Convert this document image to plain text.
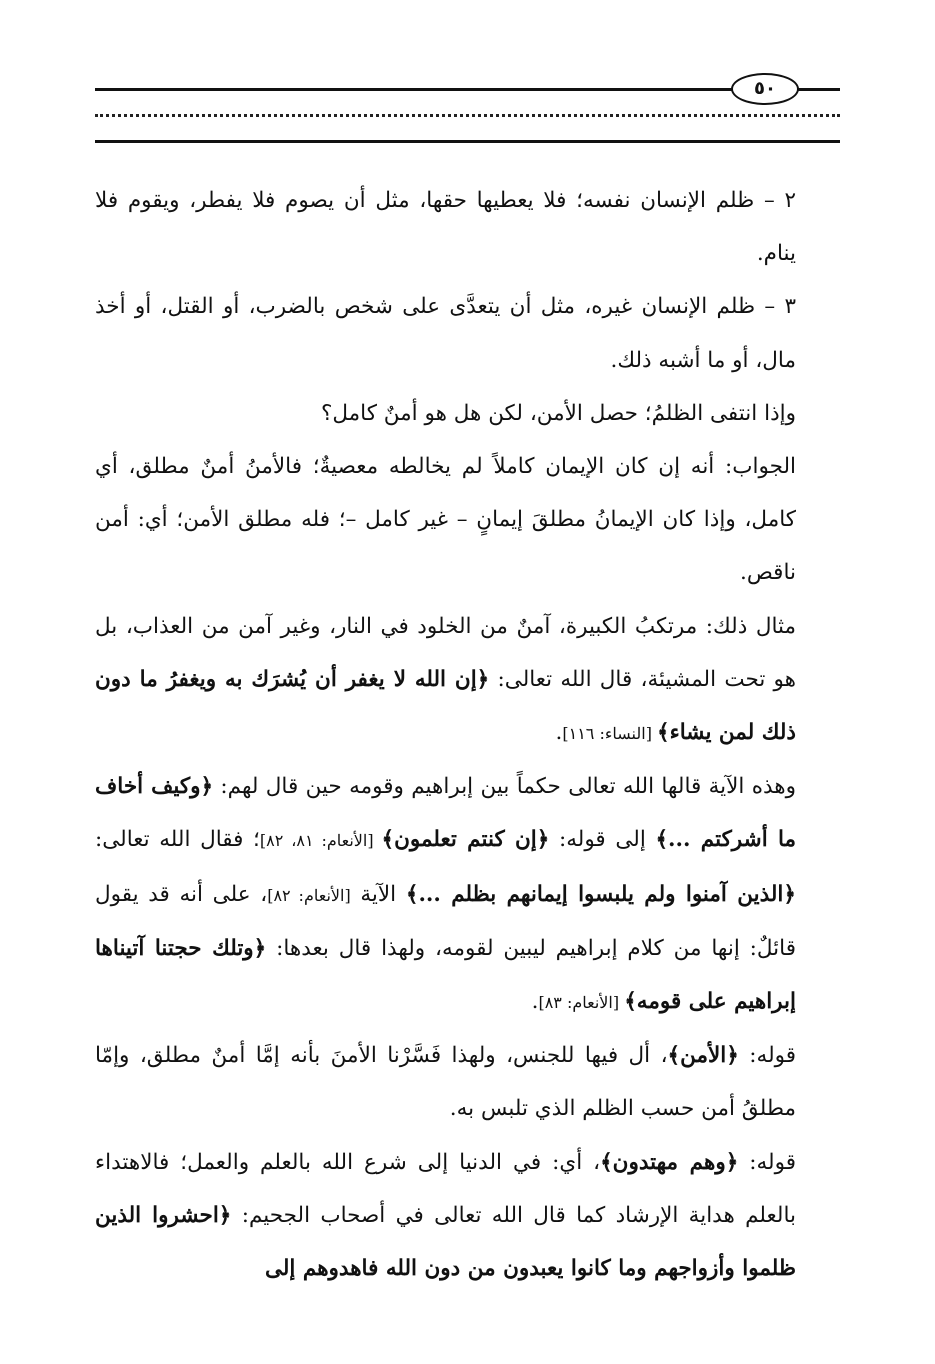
٥٠

٢ – ظلم الإنسان نفسه؛ فلا يعطيها حقها، مثل أن يصوم فلا يفطر، ويقوم فلا ينام.

٣ – ظلم الإنسان غيره، مثل أن يتعدَّى على شخص بالضرب، أو القتل، أو أخذ مال، أو ما أشبه ذلك.

وإذا انتفى الظلمُ؛ حصل الأمن، لكن هل هو أمنٌ كامل؟

الجواب: أنه إن كان الإيمان كاملاً لم يخالطه معصيةٌ؛ فالأمنُ أمنٌ مطلق، أي كامل، وإذا كان الإيمانُ مطلقَ إيمانٍ – غير كامل –؛ فله مطلق الأمن؛ أي: أمن ناقص.

مثال ذلك: مرتكبُ الكبيرة، آمنٌ من الخلود في النار، وغير آمن من العذاب، بل هو تحت المشيئة، قال الله تعالى: ﴿إن الله لا يغفر أن يُشرَك به ويغفرُ ما دون ذلك لمن يشاء﴾ [النساء: ١١٦].

وهذه الآية قالها الله تعالى حكماً بين إبراهيم وقومه حين قال لهم: ﴿وكيف أخاف ما أشركتم ...﴾ إلى قوله: ﴿إن كنتم تعلمون﴾ [الأنعام: ٨١، ٨٢]؛ فقال الله تعالى: ﴿الذين آمنوا ولم يلبسوا إيمانهم بظلم ...﴾ الآية [الأنعام: ٨٢]، على أنه قد يقول قائلٌ: إنها من كلام إبراهيم ليبين لقومه، ولهذا قال بعدها: ﴿وتلك حجتنا آتيناها إبراهيم على قومه﴾ [الأنعام: ٨٣].

قوله: ﴿الأمن﴾، أل فيها للجنس، ولهذا فَسَّرْنا الأمنَ بأنه إمَّا أمنٌ مطلق، وإمّا مطلقُ أمن حسب الظلم الذي تلبس به.

قوله: ﴿وهم مهتدون﴾، أي: في الدنيا إلى شرع الله بالعلم والعمل؛ فالاهتداء بالعلم هداية الإرشاد كما قال الله تعالى في أصحاب الجحيم: ﴿احشروا الذين ظلموا وأزواجهم وما كانوا يعبدون من دون الله فاهدوهم إلى
